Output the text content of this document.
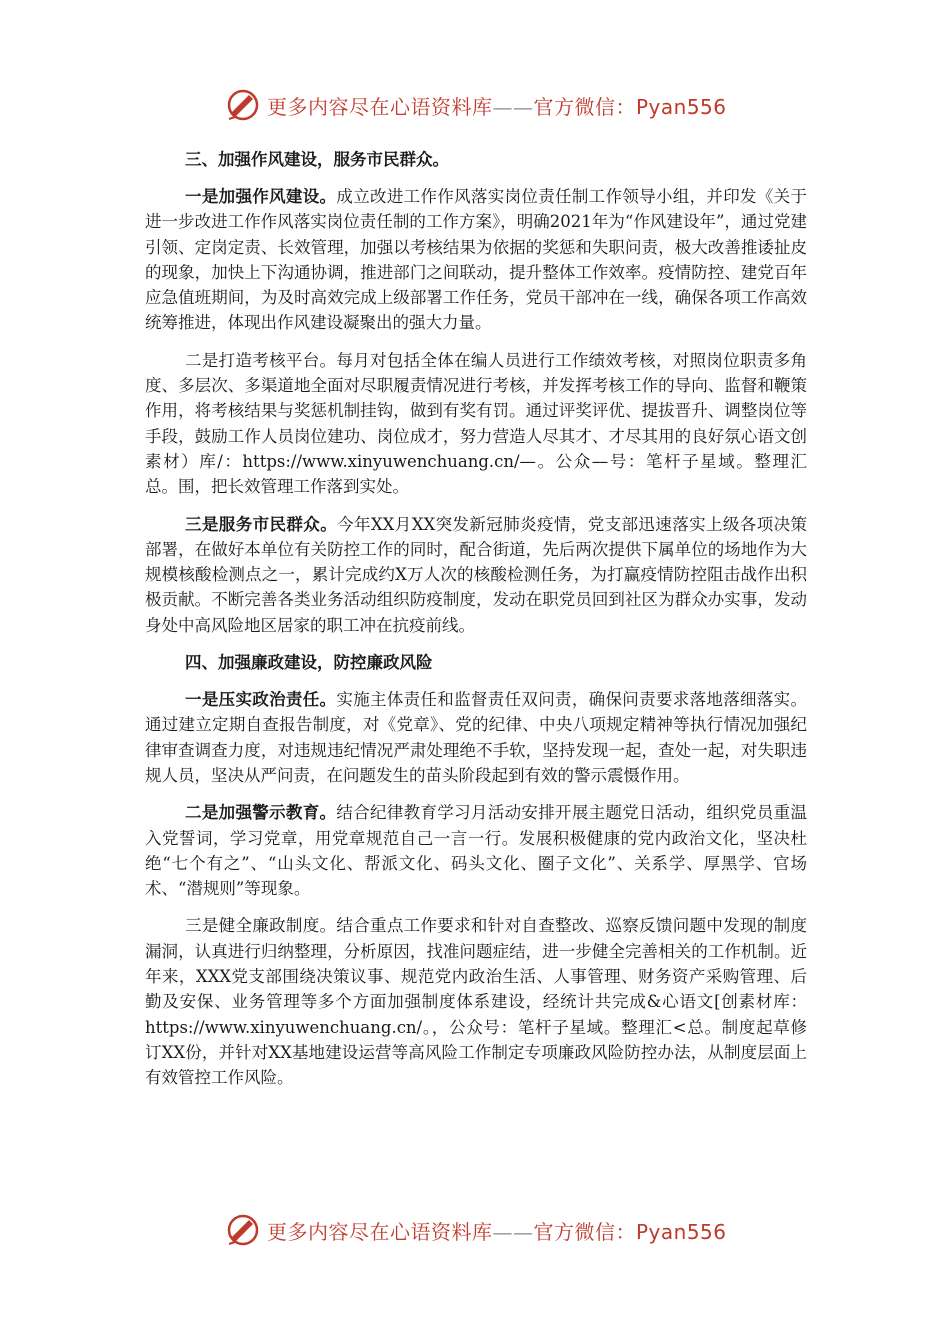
更多内容尽在心语资料库——官方微信：Pyan556
三、加强作风建设，服务市民群众。

一是加强作风建设。成立改进工作作风落实岗位责任制工作领导小组，并印发《关于进一步改进工作作风落实岗位责任制的工作方案》，明确2021年为“作风建设年”，通过党建引领、定岗定责、长效管理，加强以考核结果为依据的奖惩和失职问责，极大改善推诿扯皮的现象，加快上下沟通协调，推进部门之间联动，提升整体工作效率。疫情防控、建党百年应急值班期间，为及时高效完成上级部署工作任务，党员干部冲在一线，确保各项工作高效统筹推进，体现出作风建设凝聚出的强大力量。

二是打造考核平台。每月对包括全体在编人员进行工作绩效考核，对照岗位职责多角度、多层次、多渠道地全面对尽职履责情况进行考核，并发挥考核工作的导向、监督和鞭策作用，将考核结果与奖惩机制挂钩，做到有奖有罚。通过评奖评优、提拔晋升、调整岗位等手段，鼓励工作人员岗位建功、岗位成才，努力营造人尽其才、才尽其用的良好氛心语文创素材）库/：https://www.xinyuwenchuang.cn/—。公众—号：笔杆子星域。整理汇总。围，把长效管理工作落到实处。

三是服务市民群众。今年XX月XX突发新冠肺炎疫情，党支部迅速落实上级各项决策部署，在做好本单位有关防控工作的同时，配合街道，先后两次提供下属单位的场地作为大规模核酸检测点之一，累计完成约X万人次的核酸检测任务，为打赢疫情防控阻击战作出积极贡献。不断完善各类业务活动组织防疫制度，发动在职党员回到社区为群众办实事，发动身处中高风险地区居家的职工冲在抗疫前线。

四、加强廉政建设，防控廉政风险

一是压实政治责任。实施主体责任和监督责任双问责，确保问责要求落地落细落实。通过建立定期自查报告制度，对《党章》、党的纪律、中央八项规定精神等执行情况加强纪律审查调查力度，对违规违纪情况严肃处理绝不手软，坚持发现一起，查处一起，对失职违规人员，坚决从严问责，在问题发生的苗头阶段起到有效的警示震慑作用。

二是加强警示教育。结合纪律教育学习月活动安排开展主题党日活动，组织党员重温入党誓词，学习党章，用党章规范自己一言一行。发展积极健康的党内政治文化，坚决杜绝“七个有之”、“山头文化、帮派文化、码头文化、圈子文化”、关系学、厚黑学、官场术、“潜规则”等现象。

三是健全廉政制度。结合重点工作要求和针对自查整改、巡察反馈问题中发现的制度漏洞，认真进行归纳整理，分析原因，找准问题症结，进一步健全完善相关的工作机制。近年来，XXX党支部围绕决策议事、规范党内政治生活、人事管理、财务资产采购管理、后勤及安保、业务管理等多个方面加强制度体系建设，经统计共完成&心语文[创素材库：https://www.xinyuwenchuang.cn/。，公众号：笔杆子星域。整理汇<总。制度起草修订XX份，并针对XX基地建设运营等高风险工作制定专项廉政风险防控办法，从制度层面上有效管控工作风险。

更多内容尽在心语资料库——官方微信：Pyan556
